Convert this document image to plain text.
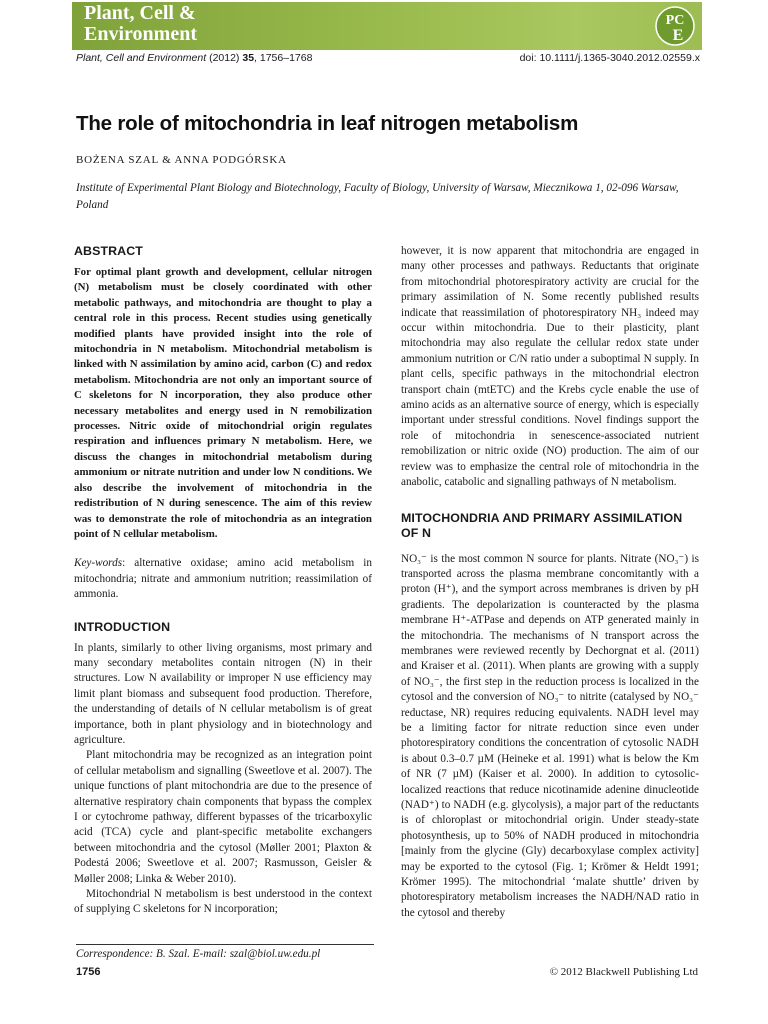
Plant, Cell &
Environment
PC
E
Plant, Cell and Environment (2012) 35, 1756–1768	doi: 10.1111/j.1365-3040.2012.02559.x
The role of mitochondria in leaf nitrogen metabolism

BOŻENA SZAL & ANNA PODGÓRSKA

Institute of Experimental Plant Biology and Biotechnology, Faculty of Biology, University of Warsaw, Miecznikowa 1, 02-096 Warsaw, Poland

ABSTRACT

For optimal plant growth and development, cellular nitrogen (N) metabolism must be closely coordinated with other metabolic pathways, and mitochondria are thought to play a central role in this process. Recent studies using genetically modified plants have provided insight into the role of mitochondria in N metabolism. Mitochondrial metabolism is linked with N assimilation by amino acid, carbon (C) and redox metabolism. Mitochondria are not only an important source of C skeletons for N incorporation, they also produce other necessary metabolites and energy used in N remobilization processes. Nitric oxide of mitochondrial origin regulates respiration and influences primary N metabolism. Here, we discuss the changes in mitochondrial metabolism during ammonium or nitrate nutrition and under low N conditions. We also describe the involvement of mitochondria in the redistribution of N during senescence. The aim of this review was to demonstrate the role of mitochondria as an integration point of N cellular metabolism.

Key-words: alternative oxidase; amino acid metabolism in mitochondria; nitrate and ammonium nutrition; reassimilation of ammonia.

INTRODUCTION

In plants, similarly to other living organisms, most primary and many secondary metabolites contain nitrogen (N) in their structures. Low N availability or improper N use efficiency may limit plant biomass and subsequent food production. Therefore, the understanding of details of N cellular metabolism is of great importance, both in plant physiology and in biotechnology and agriculture.

Plant mitochondria may be recognized as an integration point of cellular metabolism and signalling (Sweetlove et al. 2007). The unique functions of plant mitochondria are due to the presence of alternative respiratory chain components that bypass the complex I or cytochrome pathway, different bypasses of the tricarboxylic acid (TCA) cycle and plant-specific metabolite exchangers between mitochondria and the cytosol (Møller 2001; Plaxton & Podestá 2006; Sweetlove et al. 2007; Rasmusson, Geisler & Møller 2008; Linka & Weber 2010).

Mitochondrial N metabolism is best understood in the context of supplying C skeletons for N incorporation;

however, it is now apparent that mitochondria are engaged in many other processes and pathways. Reductants that originate from mitochondrial photorespiratory activity are crucial for the primary assimilation of N. Some recently published results indicate that reassimilation of photorespiratory NH₃ indeed may occur within mitochondria. Due to their plasticity, plant mitochondria may also regulate the cellular redox state under ammonium nutrition or C/N ratio under a suboptimal N supply. In plant cells, specific pathways in the mitochondrial electron transport chain (mtETC) and the Krebs cycle enable the use of amino acids as an alternative source of energy, which is especially important under stressful conditions. Novel findings support the role of mitochondria in senescence-associated nutrient remobilization or nitric oxide (NO) production. The aim of our review was to emphasize the central role of mitochondria in the anabolic, catabolic and signalling pathways of N metabolism.

MITOCHONDRIA AND PRIMARY ASSIMILATION OF N

NO₃⁻ is the most common N source for plants. Nitrate (NO₃⁻) is transported across the plasma membrane concomitantly with a proton (H⁺), and the symport across membranes is driven by pH gradients. The depolarization is counteracted by the plasma membrane H⁺-ATPase and depends on ATP generated mainly in the mitochondria. The mechanisms of N transport across the membranes were reviewed recently by Dechorgnat et al. (2011) and Kraiser et al. (2011). When plants are growing with a supply of NO₃⁻, the first step in the reduction process is localized in the cytosol and the conversion of NO₃⁻ to nitrite (catalysed by NO₃⁻ reductase, NR) requires reducing equivalents. NADH level may be a limiting factor for nitrate reduction since even under photorespiratory conditions the concentration of cytosolic NADH is about 0.3–0.7 µM (Heineke et al. 1991) what is below the Km of NR (7 µM) (Kaiser et al. 2000). In addition to cytosolic-localized reactions that reduce nicotinamide adenine dinucleotide (NAD⁺) to NADH (e.g. glycolysis), a major part of the reductants is of chloroplast or mitochondrial origin. Under steady-state photosynthesis, up to 50% of NADH produced in mitochondria [mainly from the glycine (Gly) decarboxylase complex activity] may be exported to the cytosol (Fig. 1; Krömer & Heldt 1991; Krömer 1995). The mitochondrial ‘malate shuttle’ driven by photorespiratory metabolism increases the NADH/NAD ratio in the cytosol and thereby

Correspondence: B. Szal. E-mail: szal@biol.uw.edu.pl
1756	© 2012 Blackwell Publishing Ltd
